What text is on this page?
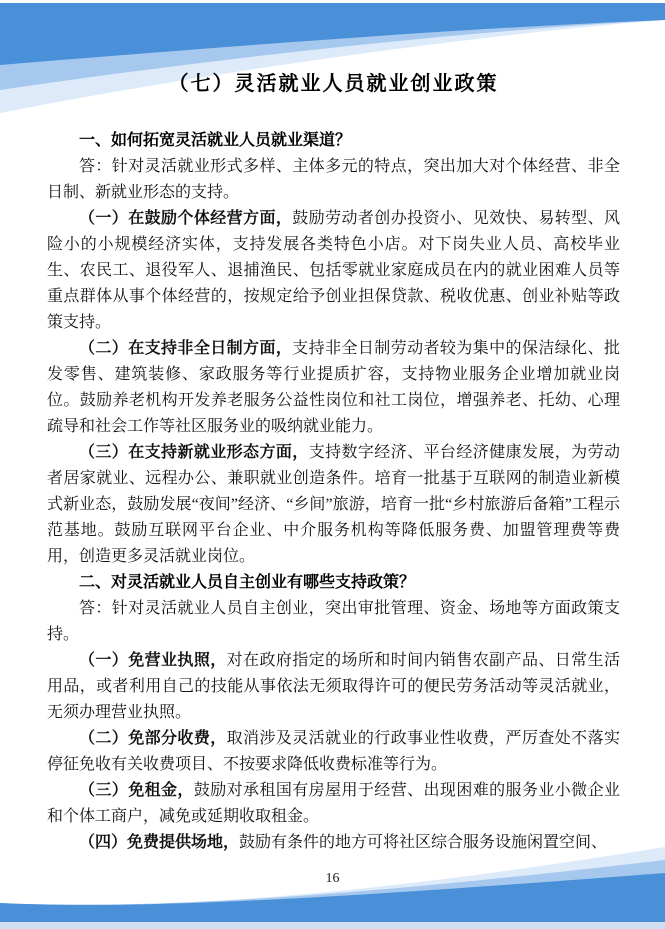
（七）灵活就业人员就业创业政策

一、如何拓宽灵活就业人员就业渠道？

答：针对灵活就业形式多样、主体多元的特点，突出加大对个体经营、非全日制、新就业形态的支持。

（一）在鼓励个体经营方面，鼓励劳动者创办投资小、见效快、易转型、风险小的小规模经济实体，支持发展各类特色小店。对下岗失业人员、高校毕业生、农民工、退役军人、退捕渔民、包括零就业家庭成员在内的就业困难人员等重点群体从事个体经营的，按规定给予创业担保贷款、税收优惠、创业补贴等政策支持。

（二）在支持非全日制方面，支持非全日制劳动者较为集中的保洁绿化、批发零售、建筑装修、家政服务等行业提质扩容，支持物业服务企业增加就业岗位。鼓励养老机构开发养老服务公益性岗位和社工岗位，增强养老、托幼、心理疏导和社会工作等社区服务业的吸纳就业能力。

（三）在支持新就业形态方面，支持数字经济、平台经济健康发展，为劳动者居家就业、远程办公、兼职就业创造条件。培育一批基于互联网的制造业新模式新业态，鼓励发展“夜间”经济、“乡间”旅游，培育一批“乡村旅游后备箱”工程示范基地。鼓励互联网平台企业、中介服务机构等降低服务费、加盟管理费等费用，创造更多灵活就业岗位。

二、对灵活就业人员自主创业有哪些支持政策？

答：针对灵活就业人员自主创业，突出审批管理、资金、场地等方面政策支持。

（一）免营业执照，对在政府指定的场所和时间内销售农副产品、日常生活用品，或者利用自己的技能从事依法无须取得许可的便民劳务活动等灵活就业，无须办理营业执照。

（二）免部分收费，取消涉及灵活就业的行政事业性收费，严厉查处不落实停征免收有关收费项目、不按要求降低收费标准等行为。

（三）免租金，鼓励对承租国有房屋用于经营、出现困难的服务业小微企业和个体工商户，减免或延期收取租金。

（四）免费提供场地，鼓励有条件的地方可将社区综合服务设施闲置空间、

16
